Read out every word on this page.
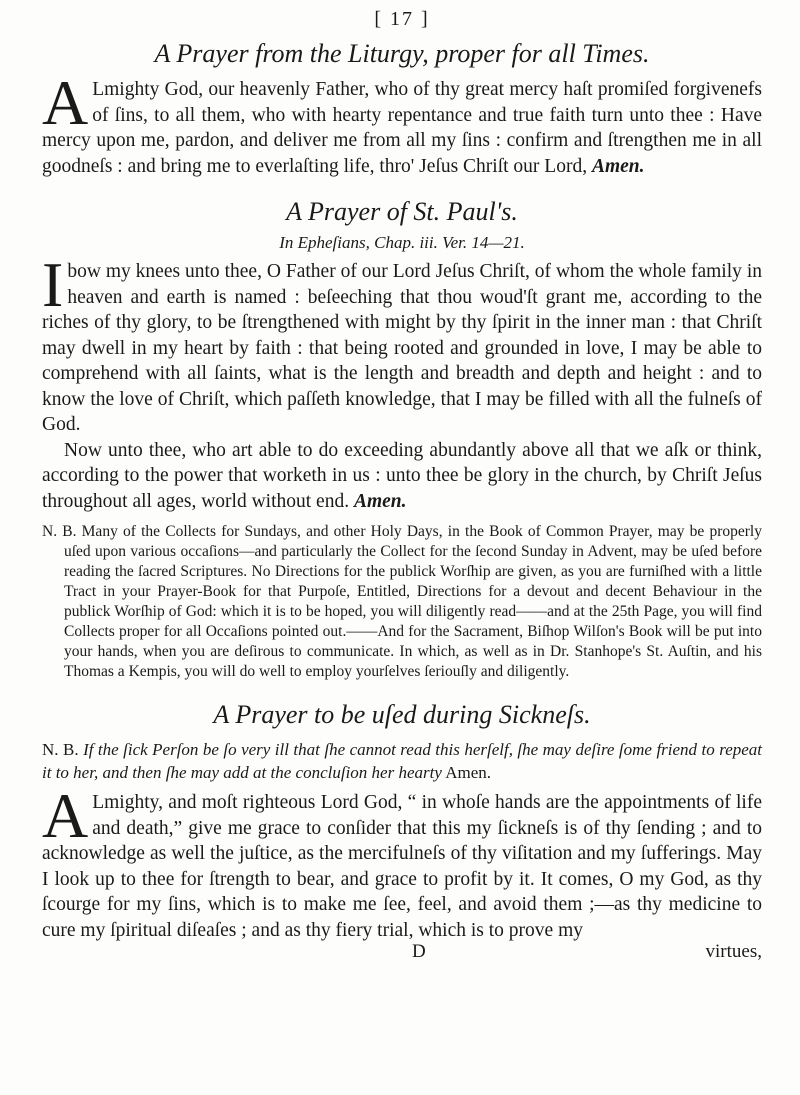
[ 17 ]
A Prayer from the Liturgy, proper for all Times.

A Lmighty God, our heavenly Father, who of thy great mercy haſt promiſed forgivenefs of ſins, to all them, who with hearty repentance and true faith turn unto thee : Have mercy upon me, pardon, and deliver me from all my ſins : confirm and ſtrengthen me in all goodneſs : and bring me to everlaſting life, thro' Jeſus Chriſt our Lord, Amen.

A Prayer of St. Paul's.
In Epheſians, Chap. iii. Ver. 14—21.

Ibow my knees unto thee, O Father of our Lord Jeſus Chriſt, of whom the whole family in heaven and earth is named : beſeeching that thou woud'ſt grant me, according to the riches of thy glory, to be ſtrengthened with might by thy ſpirit in the inner man : that Chriſt may dwell in my heart by faith : that being rooted and grounded in love, I may be able to comprehend with all ſaints, what is the length and breadth and depth and height : and to know the love of Chriſt, which paſſeth knowledge, that I may be filled with all the fulneſs of God.

Now unto thee, who art able to do exceeding abundantly above all that we aſk or think, according to the power that worketh in us : unto thee be glory in the church, by Chriſt Jeſus throughout all ages, world without end. Amen.

N. B. Many of the Collects for Sundays, and other Holy Days, in the Book of Common Prayer, may be properly uſed upon various occaſions—and particularly the Collect for the ſecond Sunday in Advent, may be uſed before reading the ſacred Scriptures. No Directions for the publick Worſhip are given, as you are furniſhed with a little Tract in your Prayer-Book for that Purpoſe, Entitled, Directions for a devout and decent Behaviour in the publick Worſhip of God: which it is to be hoped, you will diligently read——and at the 25th Page, you will find Collects proper for all Occaſions pointed out.——And for the Sacrament, Biſhop Wilſon's Book will be put into your hands, when you are deſirous to communicate. In which, as well as in Dr. Stanhope's St. Auſtin, and his Thomas a Kempis, you will do well to employ yourſelves ſeriouſly and diligently.

A Prayer to be uſed during Sickneſs.

N. B. If the ſick Perſon be ſo very ill that ſhe cannot read this herſelf, ſhe may deſire ſome friend to repeat it to her, and then ſhe may add at the concluſion her hearty Amen.

A Lmighty, and moſt righteous Lord God, “ in whoſe hands are the appointments of life and death,” give me grace to conſider that this my ſickneſs is of thy ſending ; and to acknowledge as well the juſtice, as the mercifulneſs of thy viſitation and my ſufferings. May I look up to thee for ſtrength to bear, and grace to profit by it. It comes, O my God, as thy ſcourge for my ſins, which is to make me ſee, feel, and avoid them ;—as thy medicine to cure my ſpiritual diſeaſes ; and as thy fiery trial, which is to prove my

D	virtues,
